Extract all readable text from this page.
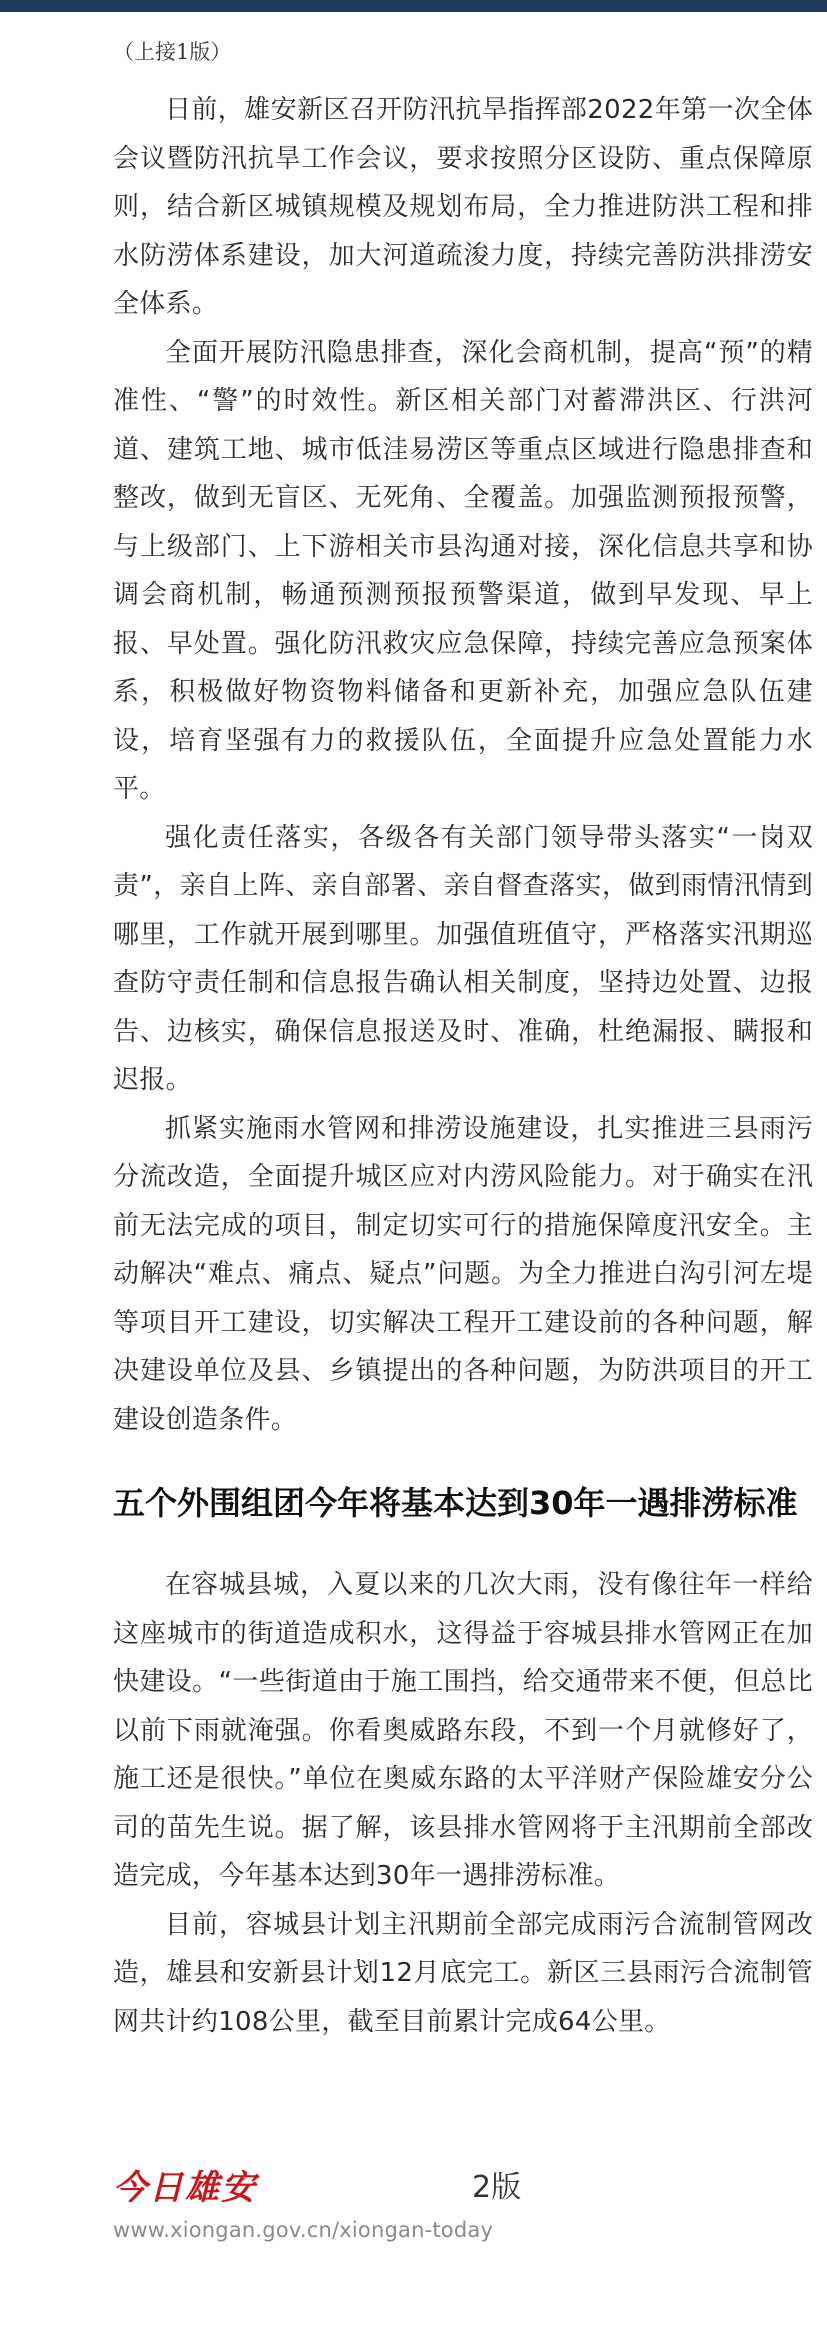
（上接1版）

日前，雄安新区召开防汛抗旱指挥部2022年第一次全体会议暨防汛抗旱工作会议，要求按照分区设防、重点保障原则，结合新区城镇规模及规划布局，全力推进防洪工程和排水防涝体系建设，加大河道疏浚力度，持续完善防洪排涝安全体系。

全面开展防汛隐患排查，深化会商机制，提高“预”的精准性、“警”的时效性。新区相关部门对蓄滞洪区、行洪河道、建筑工地、城市低洼易涝区等重点区域进行隐患排查和整改，做到无盲区、无死角、全覆盖。加强监测预报预警，与上级部门、上下游相关市县沟通对接，深化信息共享和协调会商机制，畅通预测预报预警渠道，做到早发现、早上报、早处置。强化防汛救灾应急保障，持续完善应急预案体系，积极做好物资物料储备和更新补充，加强应急队伍建设，培育坚强有力的救援队伍，全面提升应急处置能力水平。

强化责任落实，各级各有关部门领导带头落实“一岗双责”，亲自上阵、亲自部署、亲自督查落实，做到雨情汛情到哪里，工作就开展到哪里。加强值班值守，严格落实汛期巡查防守责任制和信息报告确认相关制度，坚持边处置、边报告、边核实，确保信息报送及时、准确，杜绝漏报、瞒报和迟报。

抓紧实施雨水管网和排涝设施建设，扎实推进三县雨污分流改造，全面提升城区应对内涝风险能力。对于确实在汛前无法完成的项目，制定切实可行的措施保障度汛安全。主动解决“难点、痛点、疑点”问题。为全力推进白沟引河左堤等项目开工建设，切实解决工程开工建设前的各种问题，解决建设单位及县、乡镇提出的各种问题，为防洪项目的开工建设创造条件。

五个外围组团今年将基本达到30年一遇排涝标准

在容城县城，入夏以来的几次大雨，没有像往年一样给这座城市的街道造成积水，这得益于容城县排水管网正在加快建设。“一些街道由于施工围挡，给交通带来不便，但总比以前下雨就淹强。你看奥威路东段，不到一个月就修好了，施工还是很快。”单位在奥威东路的太平洋财产保险雄安分公司的苗先生说。据了解，该县排水管网将于主汛期前全部改造完成，今年基本达到30年一遇排涝标准。

目前，容城县计划主汛期前全部完成雨污合流制管网改造，雄县和安新县计划12月底完工。新区三县雨污合流制管网共计约108公里，截至目前累计完成64公里。

今日雄安	2版
www.xiongan.gov.cn/xiongan-today
